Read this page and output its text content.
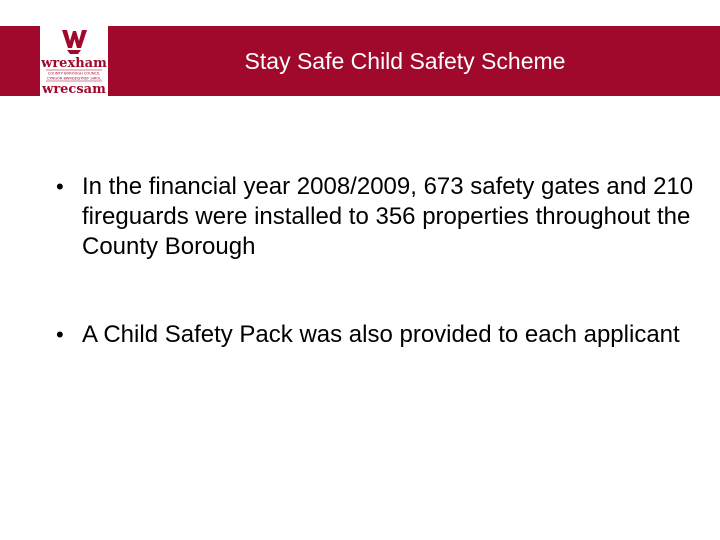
wrexham
COUNTY BOROUGH COUNCIL
CYNGOR BWRDEISTREF SIROL
wrecsam
Stay Safe Child Safety Scheme
• In the financial year 2008/2009, 673 safety gates and 210 fireguards were installed to 356 properties throughout the County Borough
• A Child Safety Pack was also provided to each applicant
